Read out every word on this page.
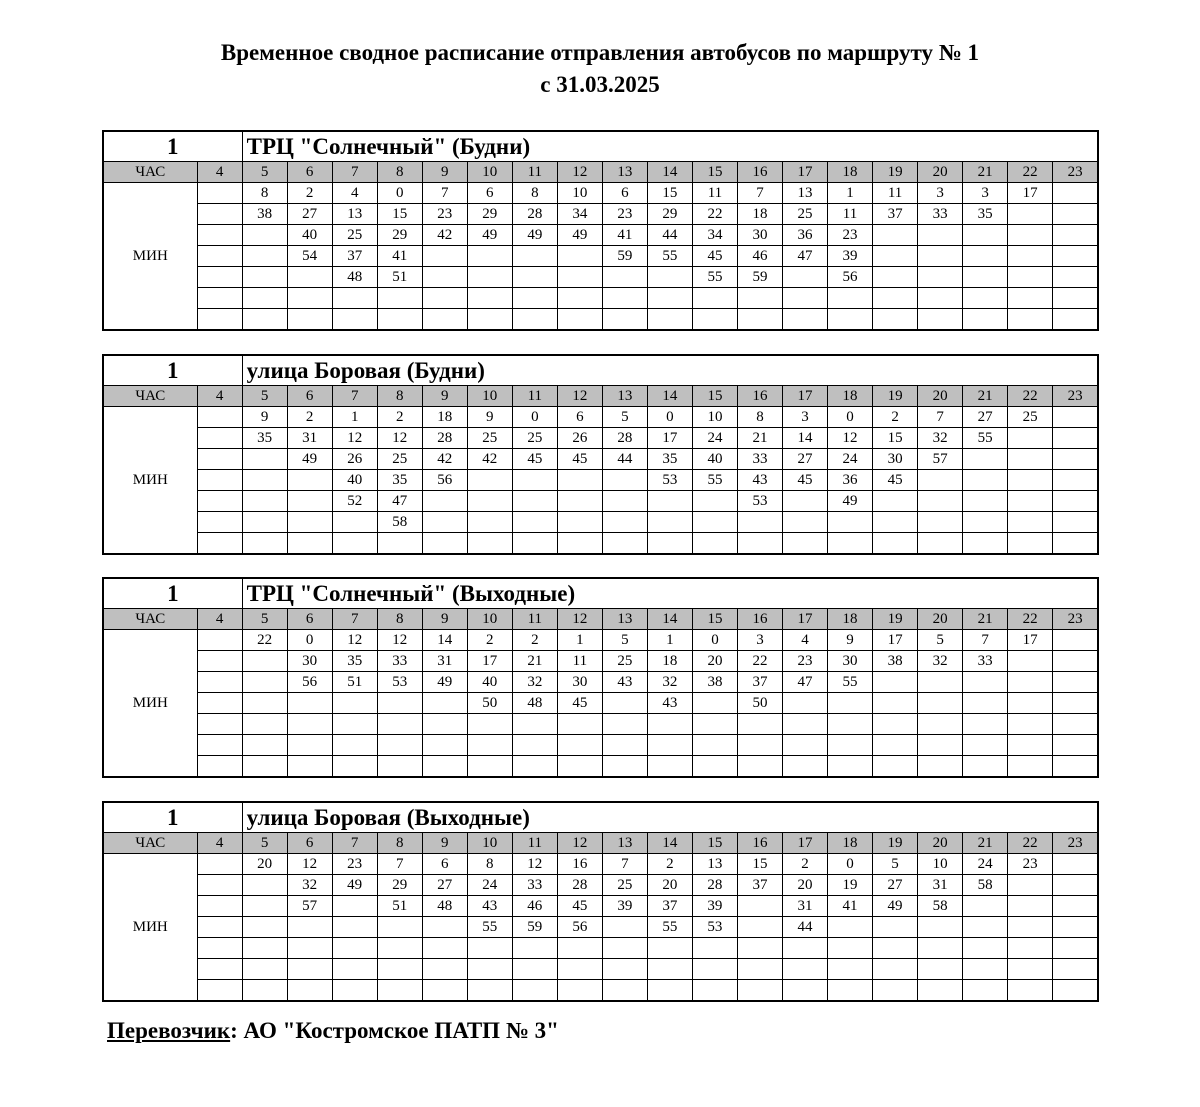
Временное сводное расписание отправления автобусов по маршруту № 1
с 31.03.2025
1		ТРЦ "Солнечный" (Будни)																		
ЧАС	4	5	6	7	8	9	10	11	12	13	14	15	16	17	18	19	20	21	22	23
МИН		8	2	4	0	7	6	8	10	6	15	11	7	13	1	11	3	3	17	
		38	27	13	15	23	29	28	34	23	29	22	18	25	11	37	33	35		
			40	25	29	42	49	49	49	41	44	34	30	36	23					
			54	37	41					59	55	45	46	47	39					
				48	51							55	59		56					

1		улица Боровая (Будни)																		
ЧАС	4	5	6	7	8	9	10	11	12	13	14	15	16	17	18	19	20	21	22	23
МИН		9	2	1	2	18	9	0	6	5	0	10	8	3	0	2	7	27	25	
		35	31	12	12	28	25	25	26	28	17	24	21	14	12	15	32	55		
			49	26	25	42	42	45	45	44	35	40	33	27	24	30	57			
				40	35	56					53	55	43	45	36	45				
				52	47								53		49					
					58															

1		ТРЦ "Солнечный" (Выходные)																		
ЧАС	4	5	6	7	8	9	10	11	12	13	14	15	16	17	18	19	20	21	22	23
МИН		22	0	12	12	14	2	2	1	5	1	0	3	4	9	17	5	7	17	
			30	35	33	31	17	21	11	25	18	20	22	23	30	38	32	33		
			56	51	53	49	40	32	30	43	32	38	37	47	55					
							50	48	45		43		50							

1		улица Боровая (Выходные)																		
ЧАС	4	5	6	7	8	9	10	11	12	13	14	15	16	17	18	19	20	21	22	23
МИН		20	12	23	7	6	8	12	16	7	2	13	15	2	0	5	10	24	23	
			32	49	29	27	24	33	28	25	20	28	37	20	19	27	31	58		
			57		51	48	43	46	45	39	37	39		31	41	49	58			
							55	59	56		55	53		44						

Перевозчик: АО "Костромское ПАТП № 3"
